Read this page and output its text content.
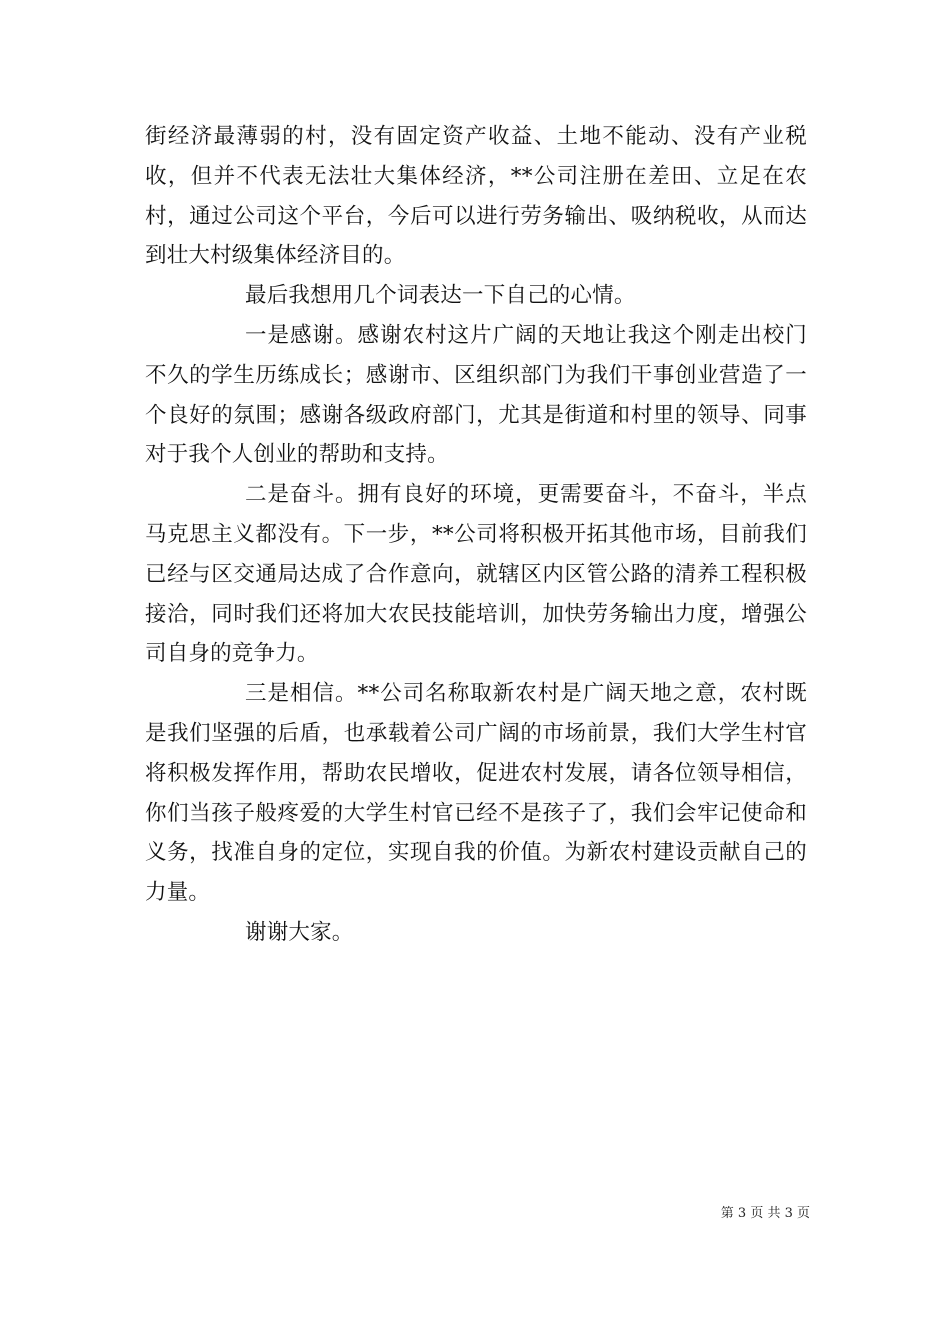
街经济最薄弱的村，没有固定资产收益、土地不能动、没有产业税收，但并不代表无法壮大集体经济，**公司注册在差田、立足在农村，通过公司这个平台，今后可以进行劳务输出、吸纳税收，从而达到壮大村级集体经济目的。

最后我想用几个词表达一下自己的心情。

一是感谢。感谢农村这片广阔的天地让我这个刚走出校门不久的学生历练成长；感谢市、区组织部门为我们干事创业营造了一个良好的氛围；感谢各级政府部门，尤其是街道和村里的领导、同事对于我个人创业的帮助和支持。

二是奋斗。拥有良好的环境，更需要奋斗，不奋斗，半点马克思主义都没有。下一步，**公司将积极开拓其他市场，目前我们已经与区交通局达成了合作意向，就辖区内区管公路的清养工程积极接洽，同时我们还将加大农民技能培训，加快劳务输出力度，增强公司自身的竞争力。

三是相信。**公司名称取新农村是广阔天地之意，农村既是我们坚强的后盾，也承载着公司广阔的市场前景，我们大学生村官将积极发挥作用，帮助农民增收，促进农村发展，请各位领导相信，你们当孩子般疼爱的大学生村官已经不是孩子了，我们会牢记使命和义务，找准自身的定位，实现自我的价值。为新农村建设贡献自己的力量。

谢谢大家。

第 3 页 共 3 页
